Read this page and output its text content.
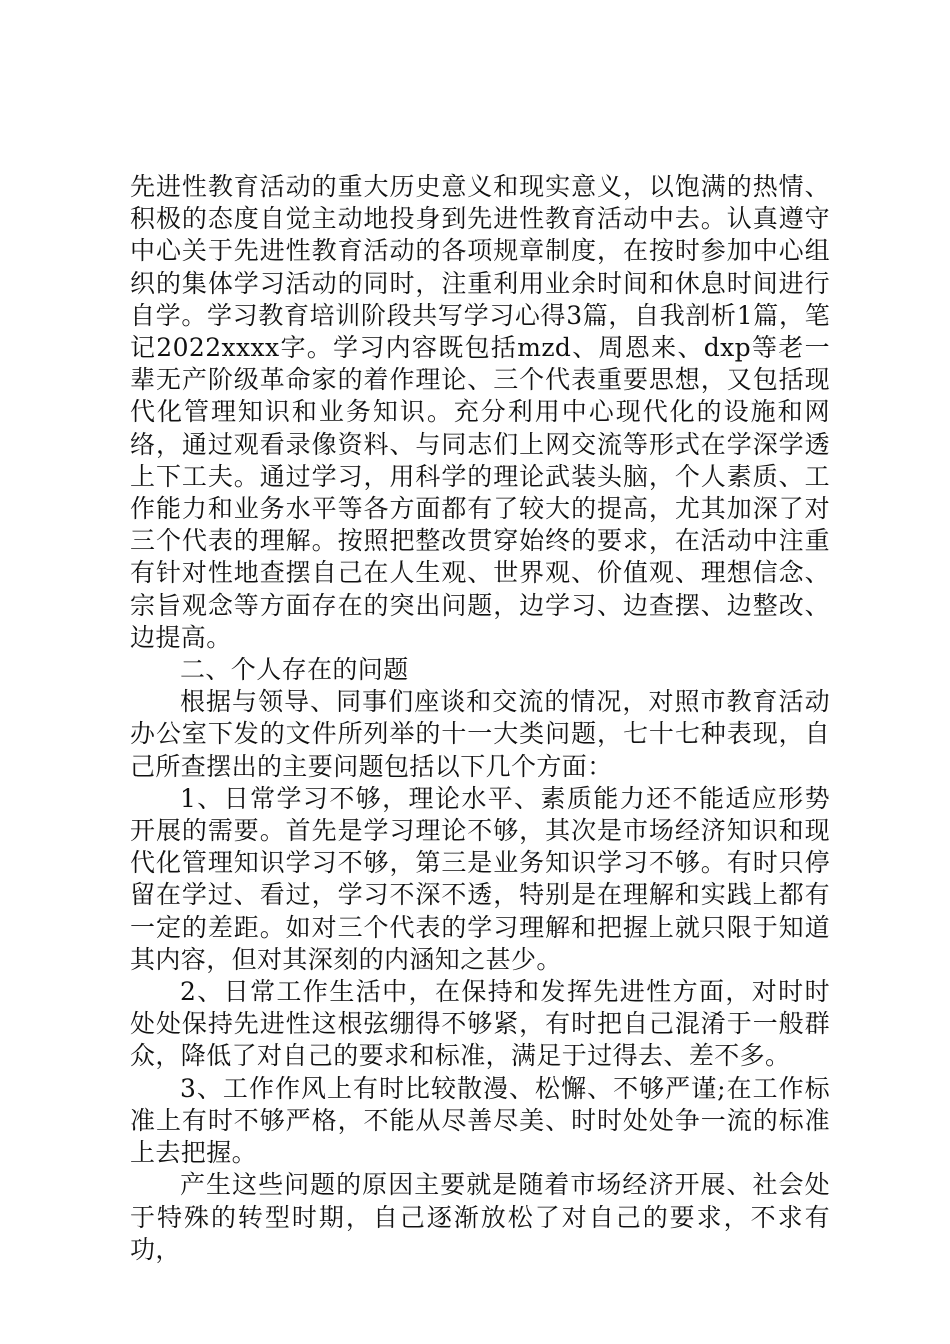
先进性教育活动的重大历史意义和现实意义，以饱满的热情、积极的态度自觉主动地投身到先进性教育活动中去。认真遵守中心关于先进性教育活动的各项规章制度，在按时参加中心组织的集体学习活动的同时，注重利用业余时间和休息时间进行自学。学习教育培训阶段共写学习心得3篇，自我剖析1篇，笔记2022xxxx字。学习内容既包括mzd、周恩来、dxp等老一辈无产阶级革命家的着作理论、三个代表重要思想，又包括现代化管理知识和业务知识。充分利用中心现代化的设施和网络，通过观看录像资料、与同志们上网交流等形式在学深学透上下工夫。通过学习，用科学的理论武装头脑，个人素质、工作能力和业务水平等各方面都有了较大的提高，尤其加深了对三个代表的理解。按照把整改贯穿始终的要求，在活动中注重有针对性地查摆自己在人生观、世界观、价值观、理想信念、宗旨观念等方面存在的突出问题，边学习、边查摆、边整改、边提高。

二、个人存在的问题

根据与领导、同事们座谈和交流的情况，对照市教育活动办公室下发的文件所列举的十一大类问题，七十七种表现，自己所查摆出的主要问题包括以下几个方面：

1、日常学习不够，理论水平、素质能力还不能适应形势开展的需要。首先是学习理论不够，其次是市场经济知识和现代化管理知识学习不够，第三是业务知识学习不够。有时只停留在学过、看过，学习不深不透，特别是在理解和实践上都有一定的差距。如对三个代表的学习理解和把握上就只限于知道其内容，但对其深刻的内涵知之甚少。

2、日常工作生活中，在保持和发挥先进性方面，对时时处处保持先进性这根弦绷得不够紧，有时把自己混淆于一般群众，降低了对自己的要求和标准，满足于过得去、差不多。

3、工作作风上有时比较散漫、松懈、不够严谨;在工作标准上有时不够严格，不能从尽善尽美、时时处处争一流的标准上去把握。

产生这些问题的原因主要就是随着市场经济开展、社会处于特殊的转型时期，自己逐渐放松了对自己的要求，不求有功，
